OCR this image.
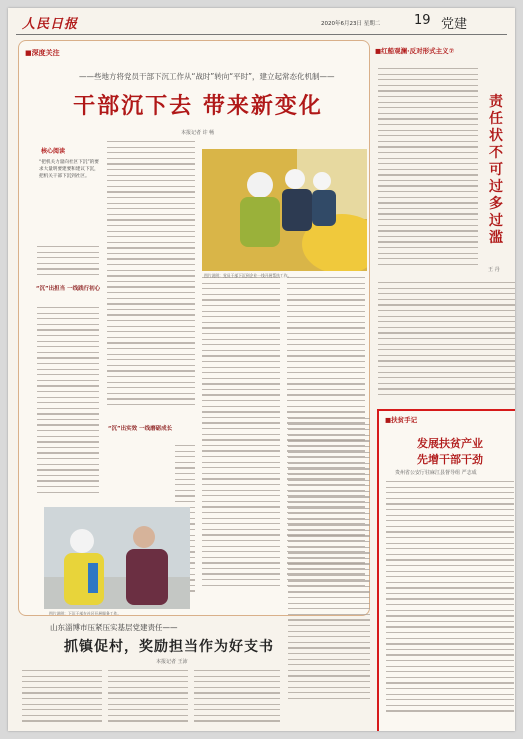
人民日报	2020年6月23日 星期二	19 党建
■深度关注
——些地方将党员干部下沉工作从“战时”转向“平时”，建立起常态化机制——
干部沉下去 带来新变化
本报记者 许 畅
核心阅读
“把机关力量向社区下沉”的要求大量明要建要和建议下沉，把机关干部下沉到社区。
“沉”出担当 一线践行初心
“沉”出实效 一线磨砺成长
图片说明：党员干部下沉到企业一线开展帮扶工作。
图片说明：下沉干部在社区开展服务工作。
■红船观澜·反对形式主义⑦
责任状不可过多过滥
王 丹
■扶贫手记
发展扶贫产业
先增干部干劲
贵州省公安厅驻麻江县督导组 严志成
山东淄博市压紧压实基层党建责任——
抓镇促村，奖励担当作为好支书
本报记者 王沛
